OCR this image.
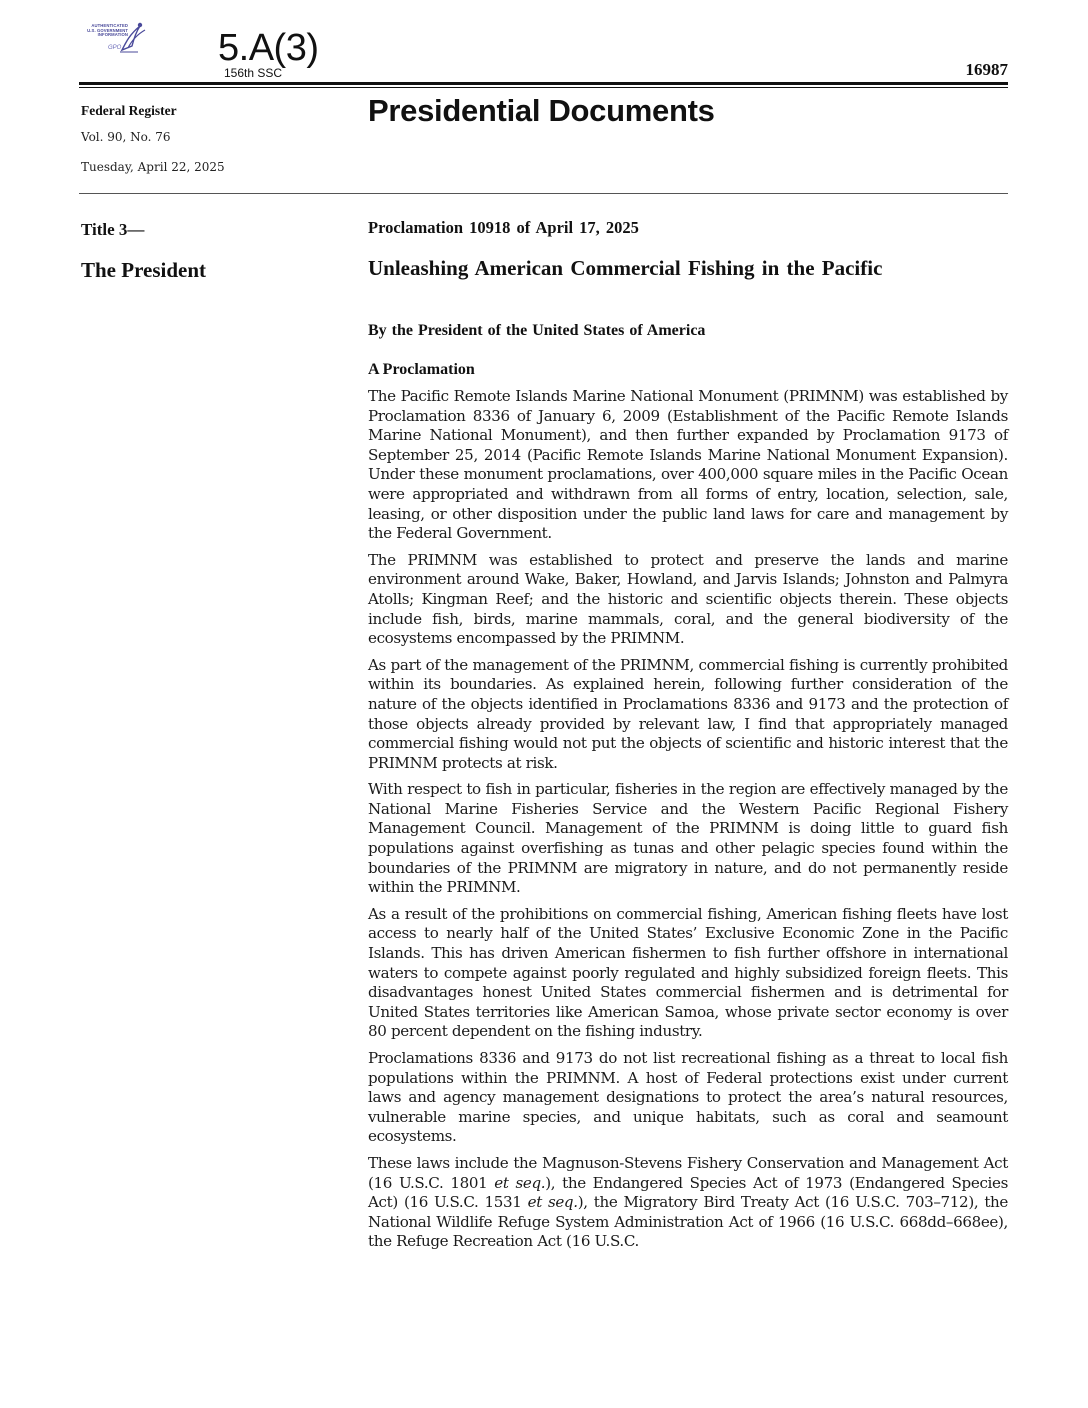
AUTHENTICATED
U.S. GOVERNMENT
INFORMATION
GPO	5.A(3)
156th SSC	16987
Federal Register
Vol. 90, No. 76
Tuesday, April 22, 2025
Presidential Documents
Title 3—
The President
Proclamation 10918 of April 17, 2025
Unleashing American Commercial Fishing in the Pacific
By the President of the United States of America
A Proclamation

The Pacific Remote Islands Marine National Monument (PRIMNM) was established by Proclamation 8336 of January 6, 2009 (Establishment of the Pacific Remote Islands Marine National Monument), and then further expanded by Proclamation 9173 of September 25, 2014 (Pacific Remote Islands Marine National Monument Expansion). Under these monument proclamations, over 400,000 square miles in the Pacific Ocean were appropriated and withdrawn from all forms of entry, location, selection, sale, leasing, or other disposition under the public land laws for care and management by the Federal Government.

The PRIMNM was established to protect and preserve the lands and marine environment around Wake, Baker, Howland, and Jarvis Islands; Johnston and Palmyra Atolls; Kingman Reef; and the historic and scientific objects therein. These objects include fish, birds, marine mammals, coral, and the general biodiversity of the ecosystems encompassed by the PRIMNM.

As part of the management of the PRIMNM, commercial fishing is currently prohibited within its boundaries. As explained herein, following further consideration of the nature of the objects identified in Proclamations 8336 and 9173 and the protection of those objects already provided by relevant law, I find that appropriately managed commercial fishing would not put the objects of scientific and historic interest that the PRIMNM protects at risk.

With respect to fish in particular, fisheries in the region are effectively managed by the National Marine Fisheries Service and the Western Pacific Regional Fishery Management Council. Management of the PRIMNM is doing little to guard fish populations against overfishing as tunas and other pelagic species found within the boundaries of the PRIMNM are migratory in nature, and do not permanently reside within the PRIMNM.

As a result of the prohibitions on commercial fishing, American fishing fleets have lost access to nearly half of the United States’ Exclusive Economic Zone in the Pacific Islands. This has driven American fishermen to fish further offshore in international waters to compete against poorly regulated and highly subsidized foreign fleets. This disadvantages honest United States commercial fishermen and is detrimental for United States territories like American Samoa, whose private sector economy is over 80 percent dependent on the fishing industry.

Proclamations 8336 and 9173 do not list recreational fishing as a threat to local fish populations within the PRIMNM. A host of Federal protections exist under current laws and agency management designations to protect the area’s natural resources, vulnerable marine species, and unique habitats, such as coral and seamount ecosystems.

These laws include the Magnuson-Stevens Fishery Conservation and Management Act (16 U.S.C. 1801 et seq.), the Endangered Species Act of 1973 (Endangered Species Act) (16 U.S.C. 1531 et seq.), the Migratory Bird Treaty Act (16 U.S.C. 703–712), the National Wildlife Refuge System Administration Act of 1966 (16 U.S.C. 668dd–668ee), the Refuge Recreation Act (16 U.S.C.
